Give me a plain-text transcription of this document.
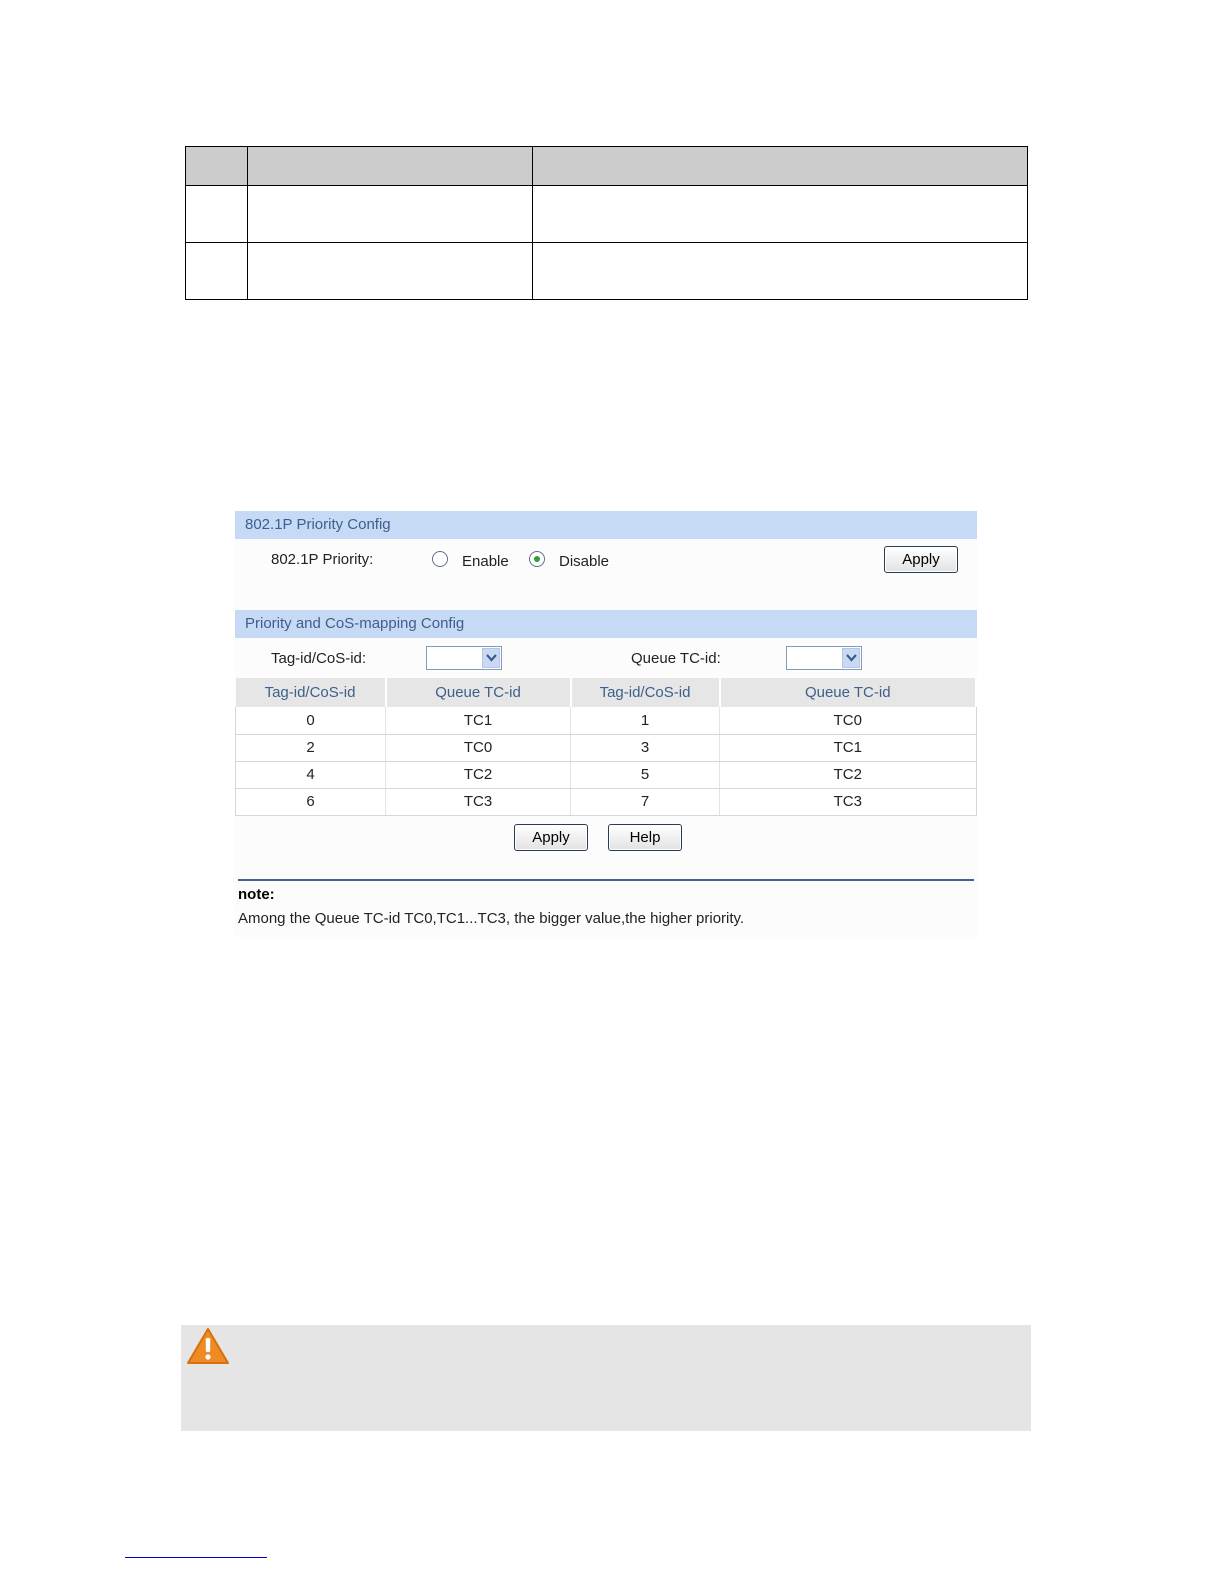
802.1P Priority Config
802.1P Priority:	Enable	Disable	Apply
Priority and CoS-mapping Config
Tag-id/CoS-id:	Queue TC-id:
Tag-id/CoS-id	Queue TC-id	Tag-id/CoS-id	Queue TC-id
0	TC1	1	TC0
2	TC0	3	TC1
4	TC2	5	TC2
6	TC3	7	TC3
Apply	Help
note:
Among the Queue TC-id TC0,TC1...TC3, the bigger value,the higher priority.
